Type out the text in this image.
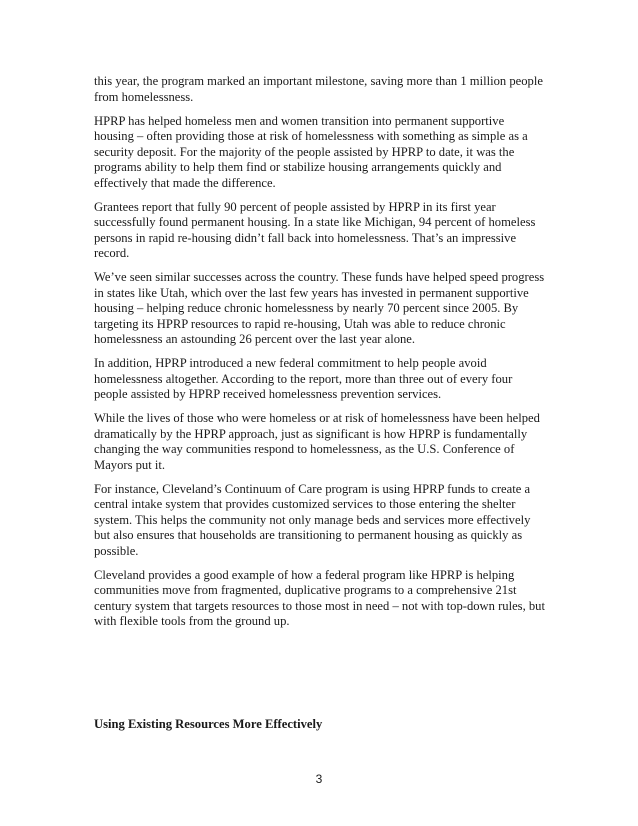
this year, the program marked an important milestone, saving more than 1 million people from homelessness.

HPRP has helped homeless men and women transition into permanent supportive housing – often providing those at risk of homelessness with something as simple as a security deposit. For the majority of the people assisted by HPRP to date, it was the programs ability to help them find or stabilize housing arrangements quickly and effectively that made the difference.

Grantees report that fully 90 percent of people assisted by HPRP in its first year successfully found permanent housing. In a state like Michigan, 94 percent of homeless persons in rapid re-housing didn’t fall back into homelessness. That’s an impressive record.

We’ve seen similar successes across the country. These funds have helped speed progress in states like Utah, which over the last few years has invested in permanent supportive housing – helping reduce chronic homelessness by nearly 70 percent since 2005. By targeting its HPRP resources to rapid re-housing, Utah was able to reduce chronic homelessness an astounding 26 percent over the last year alone.

In addition, HPRP introduced a new federal commitment to help people avoid homelessness altogether. According to the report, more than three out of every four people assisted by HPRP received homelessness prevention services.

While the lives of those who were homeless or at risk of homelessness have been helped dramatically by the HPRP approach, just as significant is how HPRP is fundamentally changing the way communities respond to homelessness, as the U.S. Conference of Mayors put it.

For instance, Cleveland’s Continuum of Care program is using HPRP funds to create a central intake system that provides customized services to those entering the shelter system. This helps the community not only manage beds and services more effectively but also ensures that households are transitioning to permanent housing as quickly as possible.

Cleveland provides a good example of how a federal program like HPRP is helping communities move from fragmented, duplicative programs to a comprehensive 21st century system that targets resources to those most in need – not with top-down rules, but with flexible tools from the ground up.

Using Existing Resources More Effectively

3
